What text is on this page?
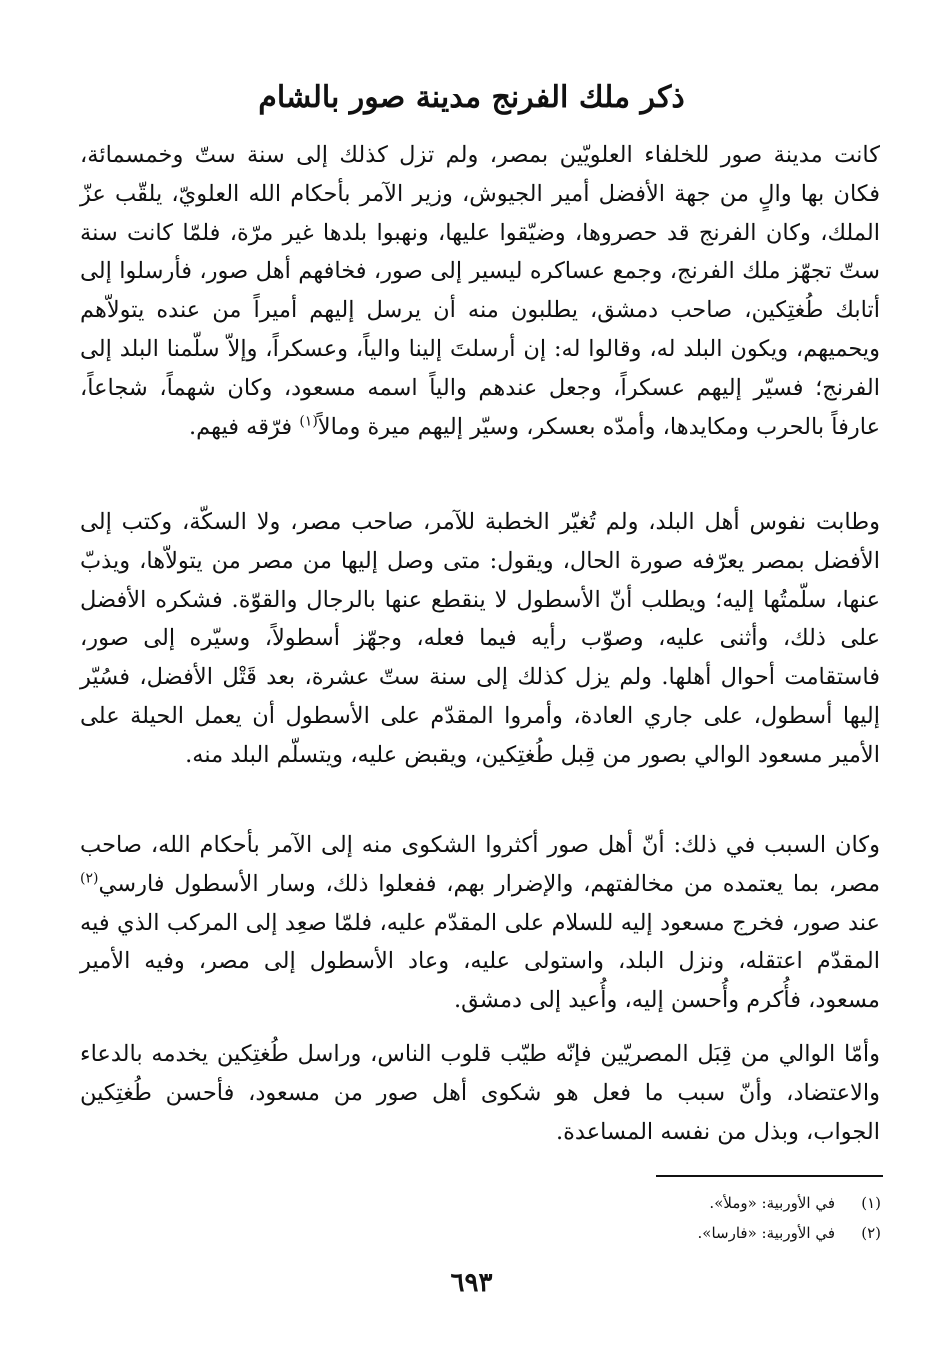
ذكر ملك الفرنج مدينة صور بالشام

كانت مدينة صور للخلفاء العلويّين بمصر، ولم تزل كذلك إلى سنة ستّ وخمسمائة، فكان بها والٍ من جهة الأفضل أمير الجيوش، وزير الآمر بأحكام الله العلويّ، يلقّب عزّ الملك، وكان الفرنج قد حصروها، وضيّقوا عليها، ونهبوا بلدها غير مرّة، فلمّا كانت سنة ستّ تجهّز ملك الفرنج، وجمع عساكره ليسير إلى صور، فخافهم أهل صور، فأرسلوا إلى أتابك طُغتِكين، صاحب دمشق، يطلبون منه أن يرسل إليهم أميراً من عنده يتولاّهم ويحميهم، ويكون البلد له، وقالوا له: إن أرسلتَ إلينا والياً، وعسكراً، وإلاّ سلّمنا البلد إلى الفرنج؛ فسيّر إليهم عسكراً، وجعل عندهم والياً اسمه مسعود، وكان شهماً، شجاعاً، عارفاً بالحرب ومكايدها، وأمدّه بعسكر، وسيّر إليهم ميرة ومالاً$^{(١)}$ فرّقه فيهم.

وطابت نفوس أهل البلد، ولم تُغيّر الخطبة للآمر، صاحب مصر، ولا السكّة، وكتب إلى الأفضل بمصر يعرّفه صورة الحال، ويقول: متى وصل إليها من مصر من يتولاّها، ويذبّ عنها، سلّمتُها إليه؛ ويطلب أنّ الأسطول لا ينقطع عنها بالرجال والقوّة. فشكره الأفضل على ذلك، وأثنى عليه، وصوّب رأيه فيما فعله، وجهّز أسطولاً، وسيّره إلى صور، فاستقامت أحوال أهلها. ولم يزل كذلك إلى سنة ستّ عشرة، بعد قَتْل الأفضل، فسُيّر إليها أسطول، على جاري العادة، وأمروا المقدّم على الأسطول أن يعمل الحيلة على الأمير مسعود الوالي بصور من قِبل طُغتِكين، ويقبض عليه، ويتسلّم البلد منه.

وكان السبب في ذلك: أنّ أهل صور أكثروا الشكوى منه إلى الآمر بأحكام الله، صاحب مصر، بما يعتمده من مخالفتهم، والإضرار بهم، ففعلوا ذلك، وسار الأسطول فارسي$^{(٢)}$ عند صور، فخرج مسعود إليه للسلام على المقدّم عليه، فلمّا صعِد إلى المركب الذي فيه المقدّم اعتقله، ونزل البلد، واستولى عليه، وعاد الأسطول إلى مصر، وفيه الأمير مسعود، فأُكرم وأُحسن إليه، وأُعيد إلى دمشق.

وأمّا الوالي من قِبَل المصريّين فإنّه طيّب قلوب الناس، وراسل طُغتِكين يخدمه بالدعاء والاعتضاد، وأنّ سبب ما فعل هو شكوى أهل صور من مسعود، فأحسن طُغتِكين الجواب، وبذل من نفسه المساعدة.

(١)في الأوربية: «وملأ».
(٢)في الأوربية: «فارسا».
٦٩٣
